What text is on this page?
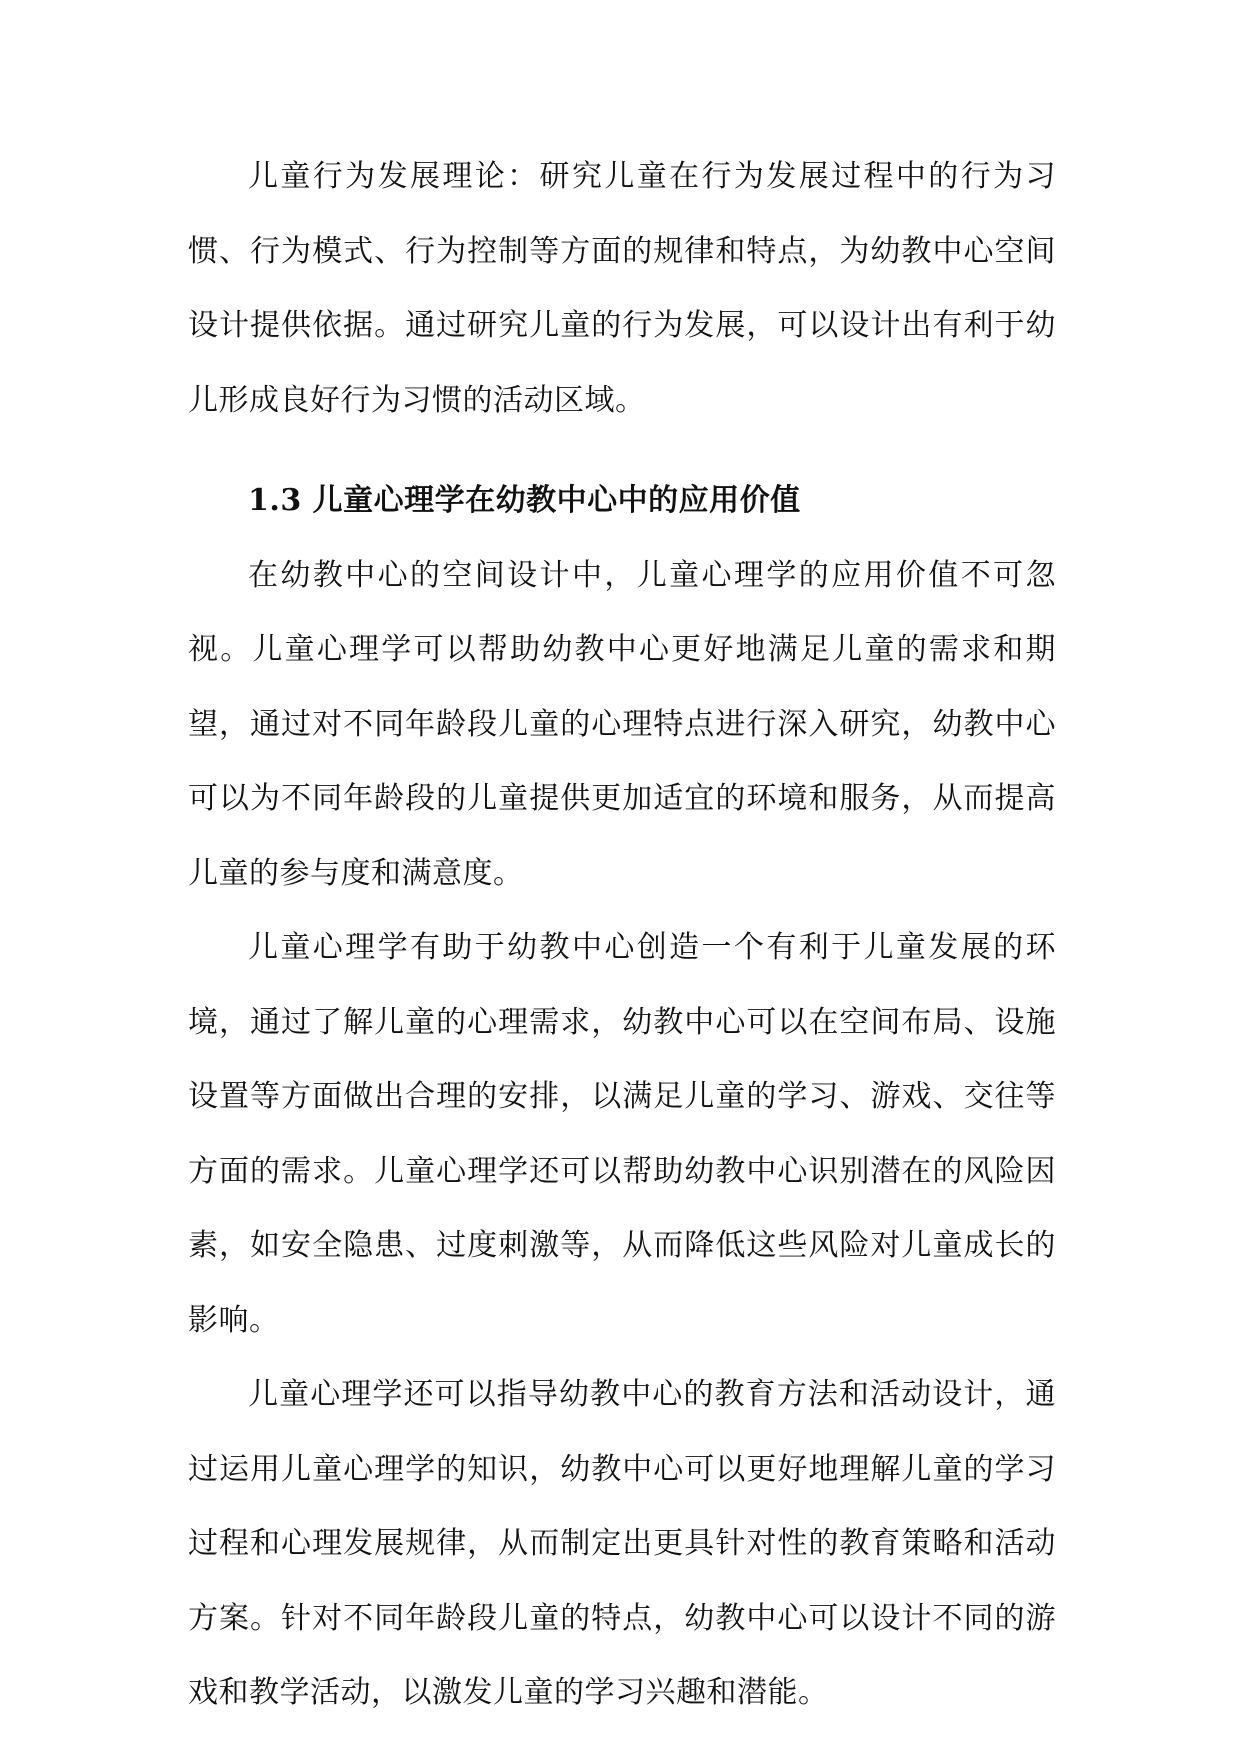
儿童行为发展理论：研究儿童在行为发展过程中的行为习惯、行为模式、行为控制等方面的规律和特点，为幼教中心空间设计提供依据。通过研究儿童的行为发展，可以设计出有利于幼儿形成良好行为习惯的活动区域。

1.3 儿童心理学在幼教中心中的应用价值

在幼教中心的空间设计中，儿童心理学的应用价值不可忽视。儿童心理学可以帮助幼教中心更好地满足儿童的需求和期望，通过对不同年龄段儿童的心理特点进行深入研究，幼教中心可以为不同年龄段的儿童提供更加适宜的环境和服务，从而提高儿童的参与度和满意度。

儿童心理学有助于幼教中心创造一个有利于儿童发展的环境，通过了解儿童的心理需求，幼教中心可以在空间布局、设施设置等方面做出合理的安排，以满足儿童的学习、游戏、交往等方面的需求。儿童心理学还可以帮助幼教中心识别潜在的风险因素，如安全隐患、过度刺激等，从而降低这些风险对儿童成长的影响。

儿童心理学还可以指导幼教中心的教育方法和活动设计，通过运用儿童心理学的知识，幼教中心可以更好地理解儿童的学习过程和心理发展规律，从而制定出更具针对性的教育策略和活动方案。针对不同年龄段儿童的特点，幼教中心可以设计不同的游戏和教学活动，以激发儿童的学习兴趣和潜能。
